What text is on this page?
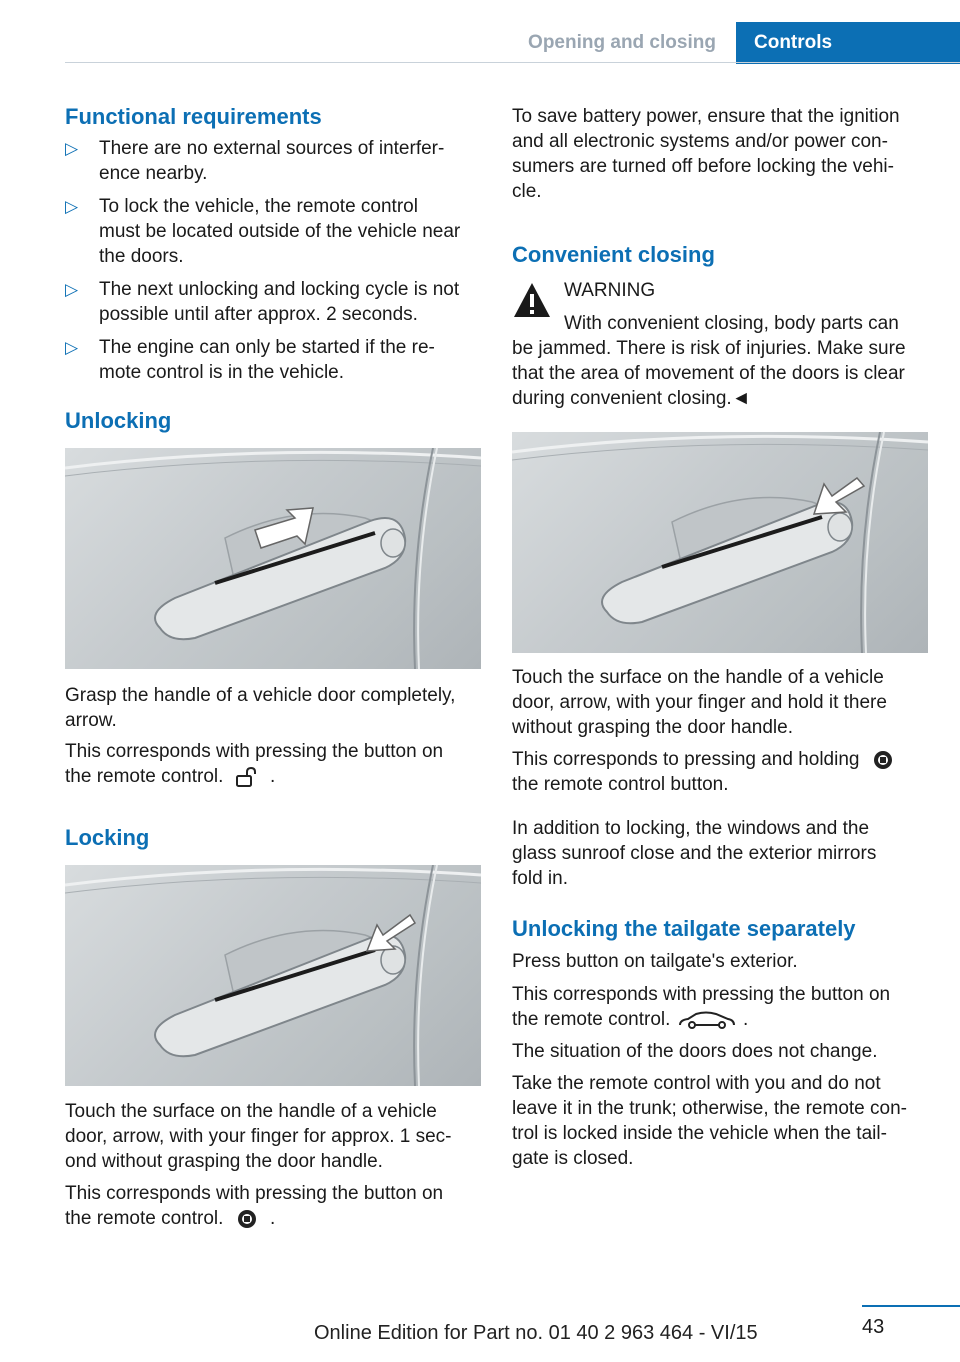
Opening and closing	Controls
Functional requirements
▷ There are no external sources of interfer-
ence nearby.
▷ To lock the vehicle, the remote control
must be located outside of the vehicle near
the doors.
▷ The next unlocking and locking cycle is not
possible until after approx. 2 seconds.
▷ The engine can only be started if the re-
mote control is in the vehicle.
Unlocking
Grasp the handle of a vehicle door completely,
arrow.
This corresponds with pressing the button on
the remote control. .
Locking
Touch the surface on the handle of a vehicle
door, arrow, with your finger for approx. 1 sec-
ond without grasping the door handle.
This corresponds with pressing the button on
the remote control. .
To save battery power, ensure that the ignition
and all electronic systems and/or power con-
sumers are turned off before locking the vehi-
cle.
Convenient closing
WARNING
With convenient closing, body parts can
be jammed. There is risk of injuries. Make sure
that the area of movement of the doors is clear
during convenient closing.◄
Touch the surface on the handle of a vehicle
door, arrow, with your finger and hold it there
without grasping the door handle.
This corresponds to pressing and holding
the remote control button.
In addition to locking, the windows and the
glass sunroof close and the exterior mirrors
fold in.
Unlocking the tailgate separately
Press button on tailgate's exterior.
This corresponds with pressing the button on
the remote control.	.
The situation of the doors does not change.
Take the remote control with you and do not
leave it in the trunk; otherwise, the remote con-
trol is locked inside the vehicle when the tail-
gate is closed.
43
Online Edition for Part no. 01 40 2 963 464 - VI/15
